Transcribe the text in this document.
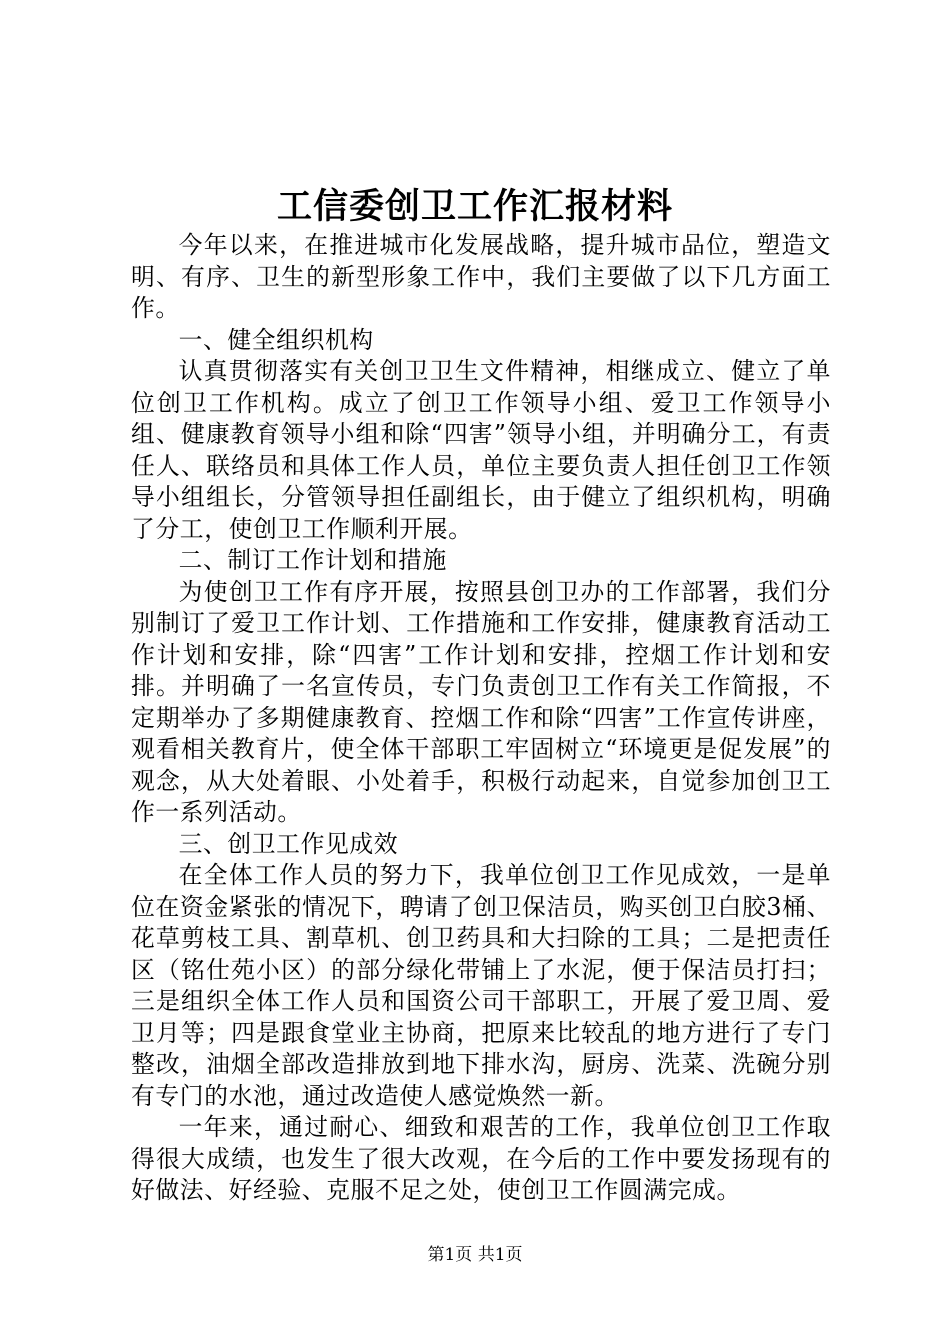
工信委创卫工作汇报材料

今年以来，在推进城市化发展战略，提升城市品位，塑造文明、有序、卫生的新型形象工作中，我们主要做了以下几方面工作。

一、健全组织机构

认真贯彻落实有关创卫卫生文件精神，相继成立、健立了单位创卫工作机构。成立了创卫工作领导小组、爱卫工作领导小组、健康教育领导小组和除“四害”领导小组，并明确分工，有责任人、联络员和具体工作人员，单位主要负责人担任创卫工作领导小组组长，分管领导担任副组长，由于健立了组织机构，明确了分工，使创卫工作顺利开展。

二、制订工作计划和措施

为使创卫工作有序开展，按照县创卫办的工作部署，我们分别制订了爱卫工作计划、工作措施和工作安排，健康教育活动工作计划和安排，除“四害”工作计划和安排，控烟工作计划和安排。并明确了一名宣传员，专门负责创卫工作有关工作简报，不定期举办了多期健康教育、控烟工作和除“四害”工作宣传讲座，观看相关教育片，使全体干部职工牢固树立“环境更是促发展”的观念，从大处着眼、小处着手，积极行动起来，自觉参加创卫工作一系列活动。

三、创卫工作见成效

在全体工作人员的努力下，我单位创卫工作见成效，一是单位在资金紧张的情况下，聘请了创卫保洁员，购买创卫白胶3桶、花草剪枝工具、割草机、创卫药具和大扫除的工具；二是把责任区（铭仕苑小区）的部分绿化带铺上了水泥，便于保洁员打扫；三是组织全体工作人员和国资公司干部职工，开展了爱卫周、爱卫月等；四是跟食堂业主协商，把原来比较乱的地方进行了专门整改，油烟全部改造排放到地下排水沟，厨房、洗菜、洗碗分别有专门的水池，通过改造使人感觉焕然一新。

一年来，通过耐心、细致和艰苦的工作，我单位创卫工作取得很大成绩，也发生了很大改观，在今后的工作中要发扬现有的好做法、好经验、克服不足之处，使创卫工作圆满完成。

第1页 共1页
